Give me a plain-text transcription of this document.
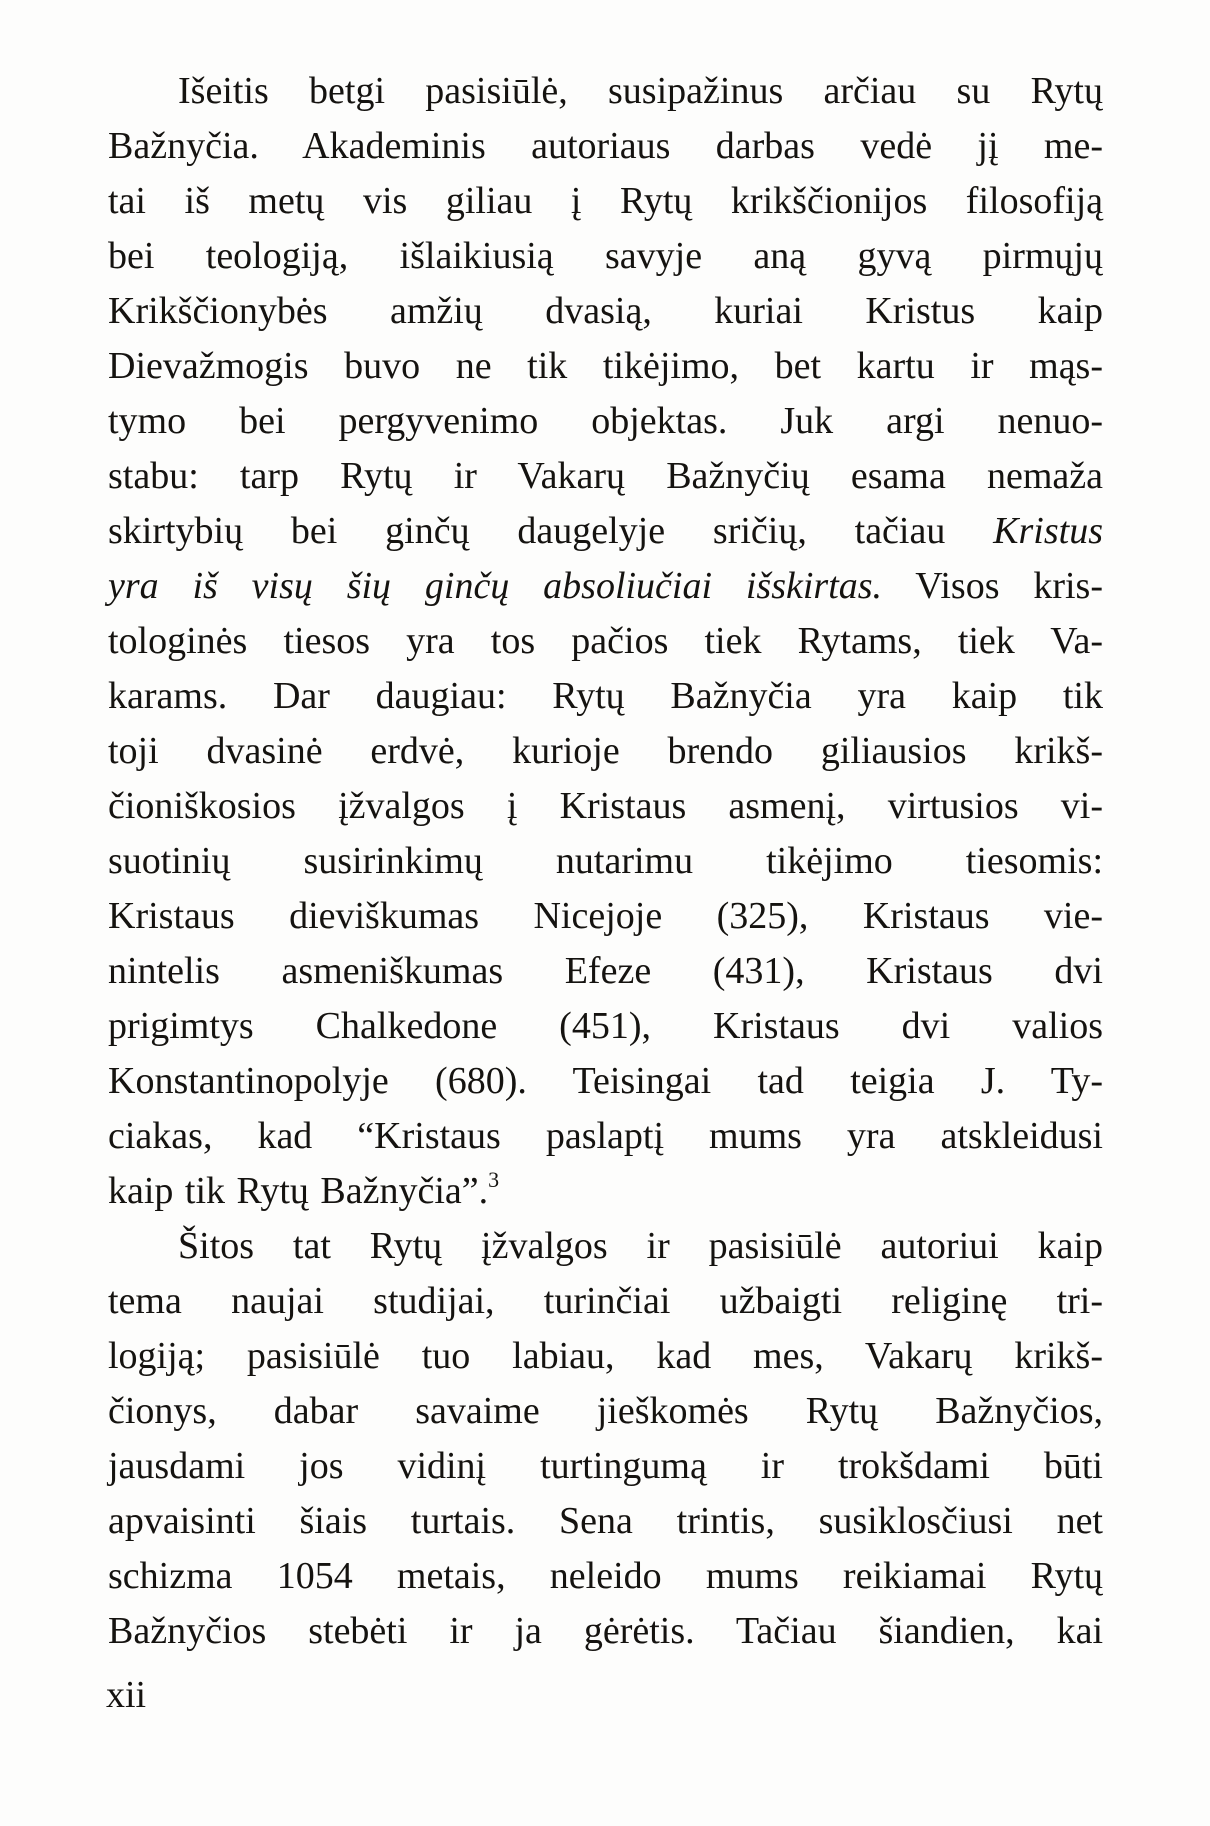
Išeitis betgi pasisiūlė, susipažinus arčiau su Rytų
Bažnyčia. Akademinis autoriaus darbas vedė jį me-
tai iš metų vis giliau į Rytų krikščionijos filosofiją
bei teologiją, išlaikiusią savyje aną gyvą pirmųjų
Krikščionybės amžių dvasią, kuriai Kristus kaip
Dievažmogis buvo ne tik tikėjimo, bet kartu ir mąs-
tymo bei pergyvenimo objektas. Juk argi nenuo-
stabu: tarp Rytų ir Vakarų Bažnyčių esama nemaža
skirtybių bei ginčų daugelyje sričių, tačiau Kristus
yra iš visų šių ginčų absoliučiai išskirtas. Visos kris-
tologinės tiesos yra tos pačios tiek Rytams, tiek Va-
karams. Dar daugiau: Rytų Bažnyčia yra kaip tik
toji dvasinė erdvė, kurioje brendo giliausios krikš-
čioniškosios įžvalgos į Kristaus asmenį, virtusios vi-
suotinių susirinkimų nutarimu tikėjimo tiesomis:
Kristaus dieviškumas Nicejoje (325), Kristaus vie-
nintelis asmeniškumas Efeze (431), Kristaus dvi
prigimtys Chalkedone (451), Kristaus dvi valios
Konstantinopolyje (680). Teisingai tad teigia J. Ty-
ciakas, kad “Kristaus paslaptį mums yra atskleidusi
kaip tik Rytų Bažnyčia”.$^3$
Šitos tat Rytų įžvalgos ir pasisiūlė autoriui kaip
tema naujai studijai, turinčiai užbaigti religinę tri-
logiją; pasisiūlė tuo labiau, kad mes, Vakarų krikš-
čionys, dabar savaime jieškomės Rytų Bažnyčios,
jausdami jos vidinį turtingumą ir trokšdami būti
apvaisinti šiais turtais. Sena trintis, susiklosčiusi net
schizma 1054 metais, neleido mums reikiamai Rytų
Bažnyčios stebėti ir ja gėrėtis. Tačiau šiandien, kai
xii
